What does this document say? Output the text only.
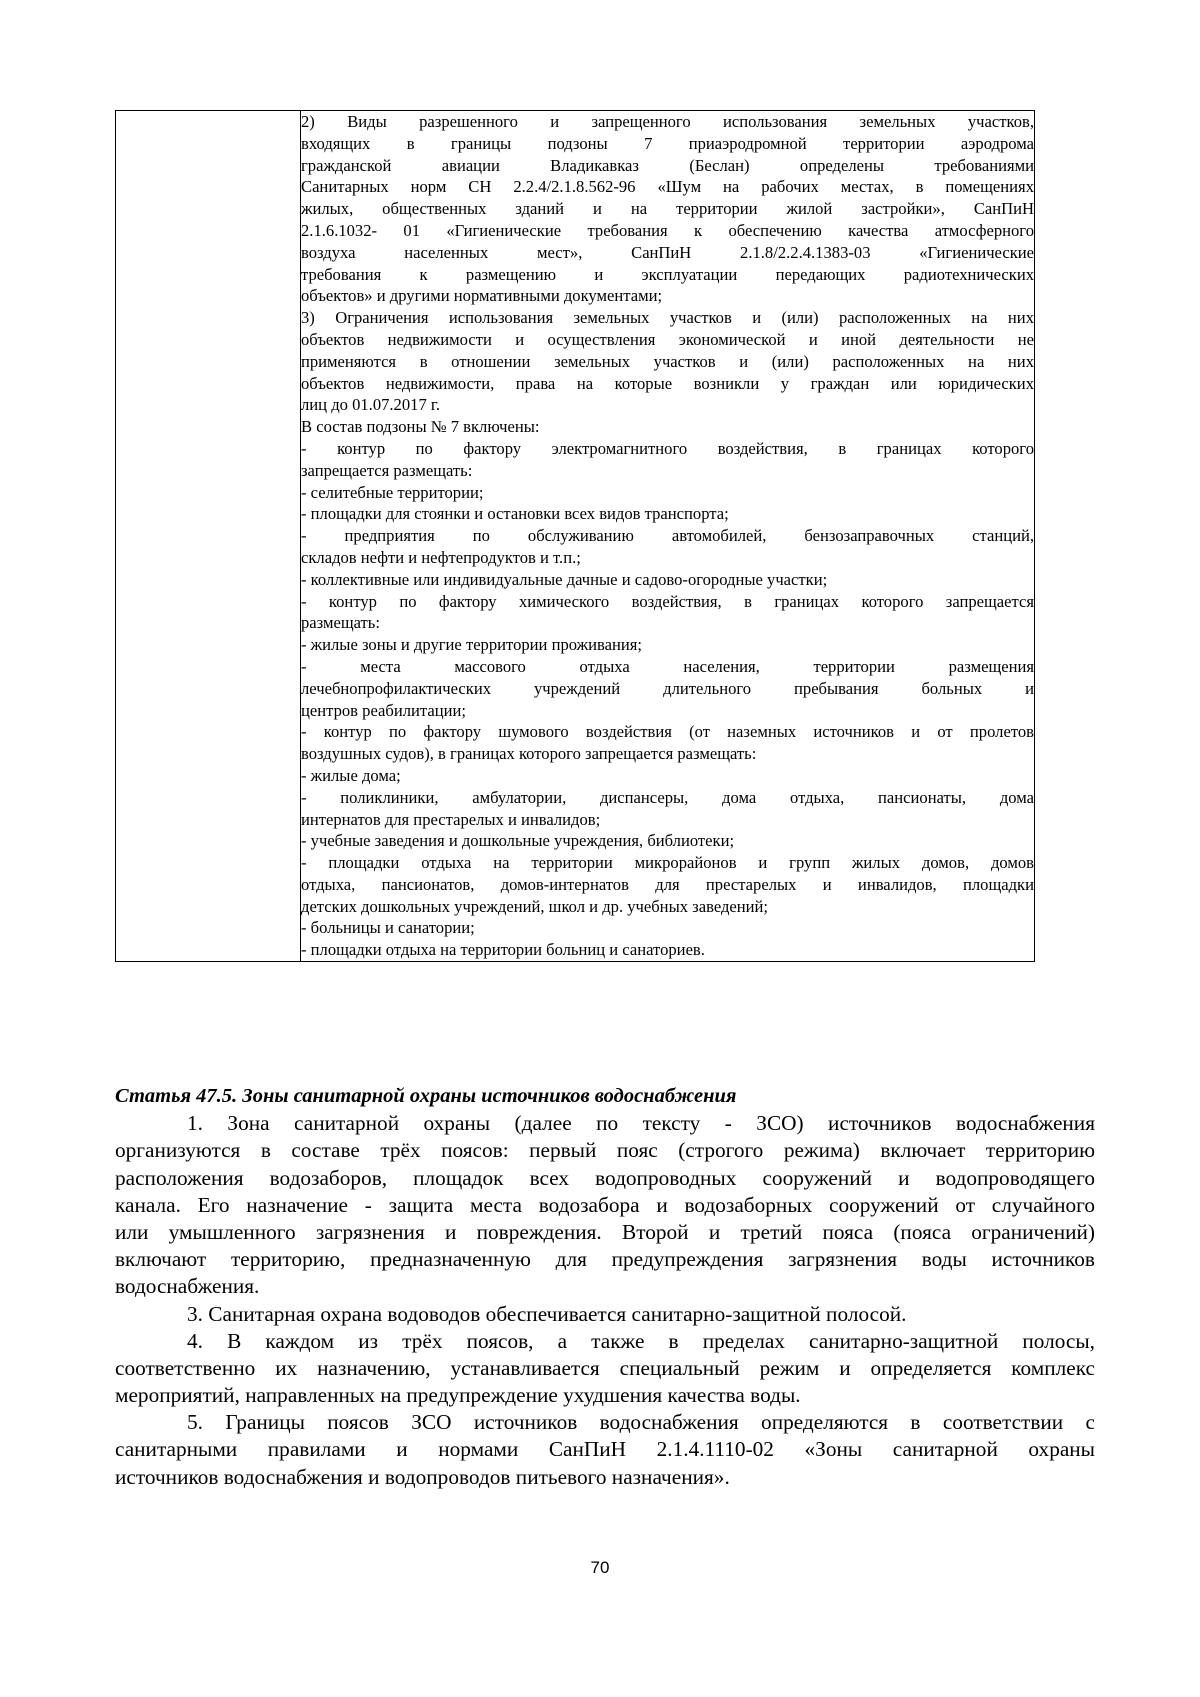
2) Виды разрешенного и запрещенного использования земельных участков,
входящих в границы подзоны 7 приаэродромной территории аэродрома
гражданской авиации Владикавказ (Беслан) определены требованиями
Санитарных норм СН 2.2.4/2.1.8.562-96 «Шум на рабочих местах, в помещениях
жилых, общественных зданий и на территории жилой застройки», СанПиН
2.1.6.1032- 01 «Гигиенические требования к обеспечению качества атмосферного
воздуха населенных мест», СанПиН 2.1.8/2.2.4.1383-03 «Гигиенические
требования к размещению и эксплуатации передающих радиотехнических
объектов» и другими нормативными документами;
3) Ограничения использования земельных участков и (или) расположенных на них
объектов недвижимости и осуществления экономической и иной деятельности не
применяются в отношении земельных участков и (или) расположенных на них
объектов недвижимости, права на которые возникли у граждан или юридических
лиц до 01.07.2017 г.
В состав подзоны № 7 включены:
- контур по фактору электромагнитного воздействия, в границах которого
запрещается размещать:
- селитебные территории;
- площадки для стоянки и остановки всех видов транспорта;
- предприятия по обслуживанию автомобилей, бензозаправочных станций,
складов нефти и нефтепродуктов и т.п.;
- коллективные или индивидуальные дачные и садово-огородные участки;
- контур по фактору химического воздействия, в границах которого запрещается
размещать:
- жилые зоны и другие территории проживания;
- места массового отдыха населения, территории размещения
лечебнопрофилактических учреждений длительного пребывания больных и
центров реабилитации;
- контур по фактору шумового воздействия (от наземных источников и от пролетов
воздушных судов), в границах которого запрещается размещать:
- жилые дома;
- поликлиники, амбулатории, диспансеры, дома отдыха, пансионаты, дома
интернатов для престарелых и инвалидов;
- учебные заведения и дошкольные учреждения, библиотеки;
- площадки отдыха на территории микрорайонов и групп жилых домов, домов
отдыха, пансионатов, домов-интернатов для престарелых и инвалидов, площадки
детских дошкольных учреждений, школ и др. учебных заведений;
- больницы и санатории;
- площадки отдыха на территории больниц и санаториев.
Статья 47.5. Зоны санитарной охраны источников водоснабжения
1. Зона санитарной охраны (далее по тексту - ЗСО) источников водоснабжения
организуются в составе трёх поясов: первый пояс (строгого режима) включает территорию
расположения водозаборов, площадок всех водопроводных сооружений и водопроводящего
канала. Его назначение - защита места водозабора и водозаборных сооружений от случайного
или умышленного загрязнения и повреждения. Второй и третий пояса (пояса ограничений)
включают территорию, предназначенную для предупреждения загрязнения воды источников
водоснабжения.
3. Санитарная охрана водоводов обеспечивается санитарно-защитной полосой.
4. В каждом из трёх поясов, а также в пределах санитарно-защитной полосы,
соответственно их назначению, устанавливается специальный режим и определяется комплекс
мероприятий, направленных на предупреждение ухудшения качества воды.
5. Границы поясов ЗСО источников водоснабжения определяются в соответствии с
санитарными правилами и нормами СанПиН 2.1.4.1110-02 «Зоны санитарной охраны
источников водоснабжения и водопроводов питьевого назначения».
70
